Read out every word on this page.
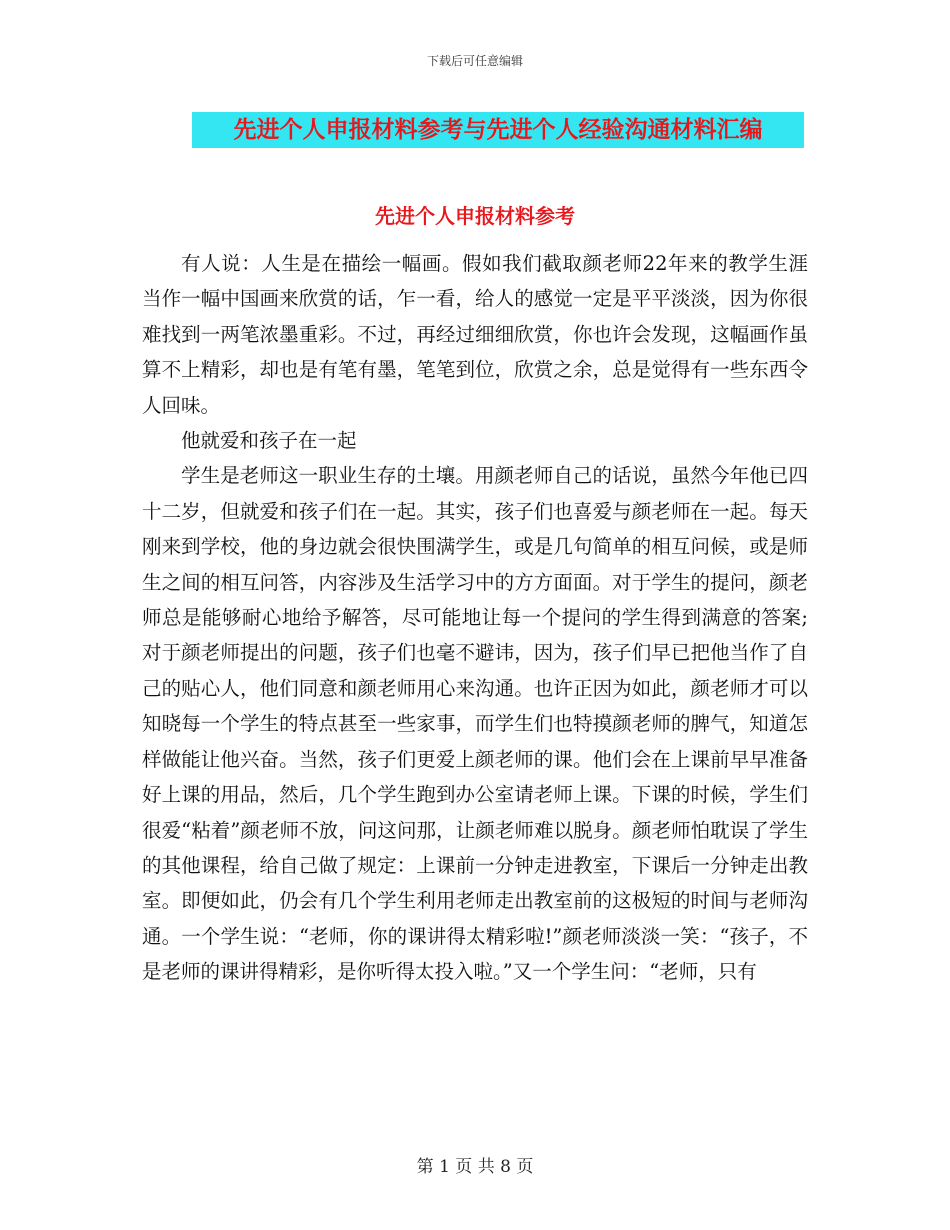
下载后可任意编辑
先进个人申报材料参考与先进个人经验沟通材料汇编
先进个人申报材料参考

有人说：人生是在描绘一幅画。假如我们截取颜老师22年来的教学生涯当作一幅中国画来欣赏的话，乍一看，给人的感觉一定是平平淡淡，因为你很难找到一两笔浓墨重彩。不过，再经过细细欣赏，你也许会发现，这幅画作虽算不上精彩，却也是有笔有墨，笔笔到位，欣赏之余，总是觉得有一些东西令人回味。

他就爱和孩子在一起

学生是老师这一职业生存的土壤。用颜老师自己的话说，虽然今年他已四十二岁，但就爱和孩子们在一起。其实，孩子们也喜爱与颜老师在一起。每天刚来到学校，他的身边就会很快围满学生，或是几句简单的相互问候，或是师生之间的相互问答，内容涉及生活学习中的方方面面。对于学生的提问，颜老师总是能够耐心地给予解答，尽可能地让每一个提问的学生得到满意的答案;对于颜老师提出的问题，孩子们也毫不避讳，因为，孩子们早已把他当作了自己的贴心人，他们同意和颜老师用心来沟通。也许正因为如此，颜老师才可以知晓每一个学生的特点甚至一些家事，而学生们也特摸颜老师的脾气，知道怎样做能让他兴奋。当然，孩子们更爱上颜老师的课。他们会在上课前早早准备好上课的用品，然后，几个学生跑到办公室请老师上课。下课的时候，学生们很爱“粘着”颜老师不放，问这问那，让颜老师难以脱身。颜老师怕耽误了学生的其他课程，给自己做了规定：上课前一分钟走进教室，下课后一分钟走出教室。即便如此，仍会有几个学生利用老师走出教室前的这极短的时间与老师沟通。一个学生说：“老师，你的课讲得太精彩啦!”颜老师淡淡一笑：“孩子，不是老师的课讲得精彩，是你听得太投入啦。”又一个学生问：“老师，只有

第 1 页 共 8 页
